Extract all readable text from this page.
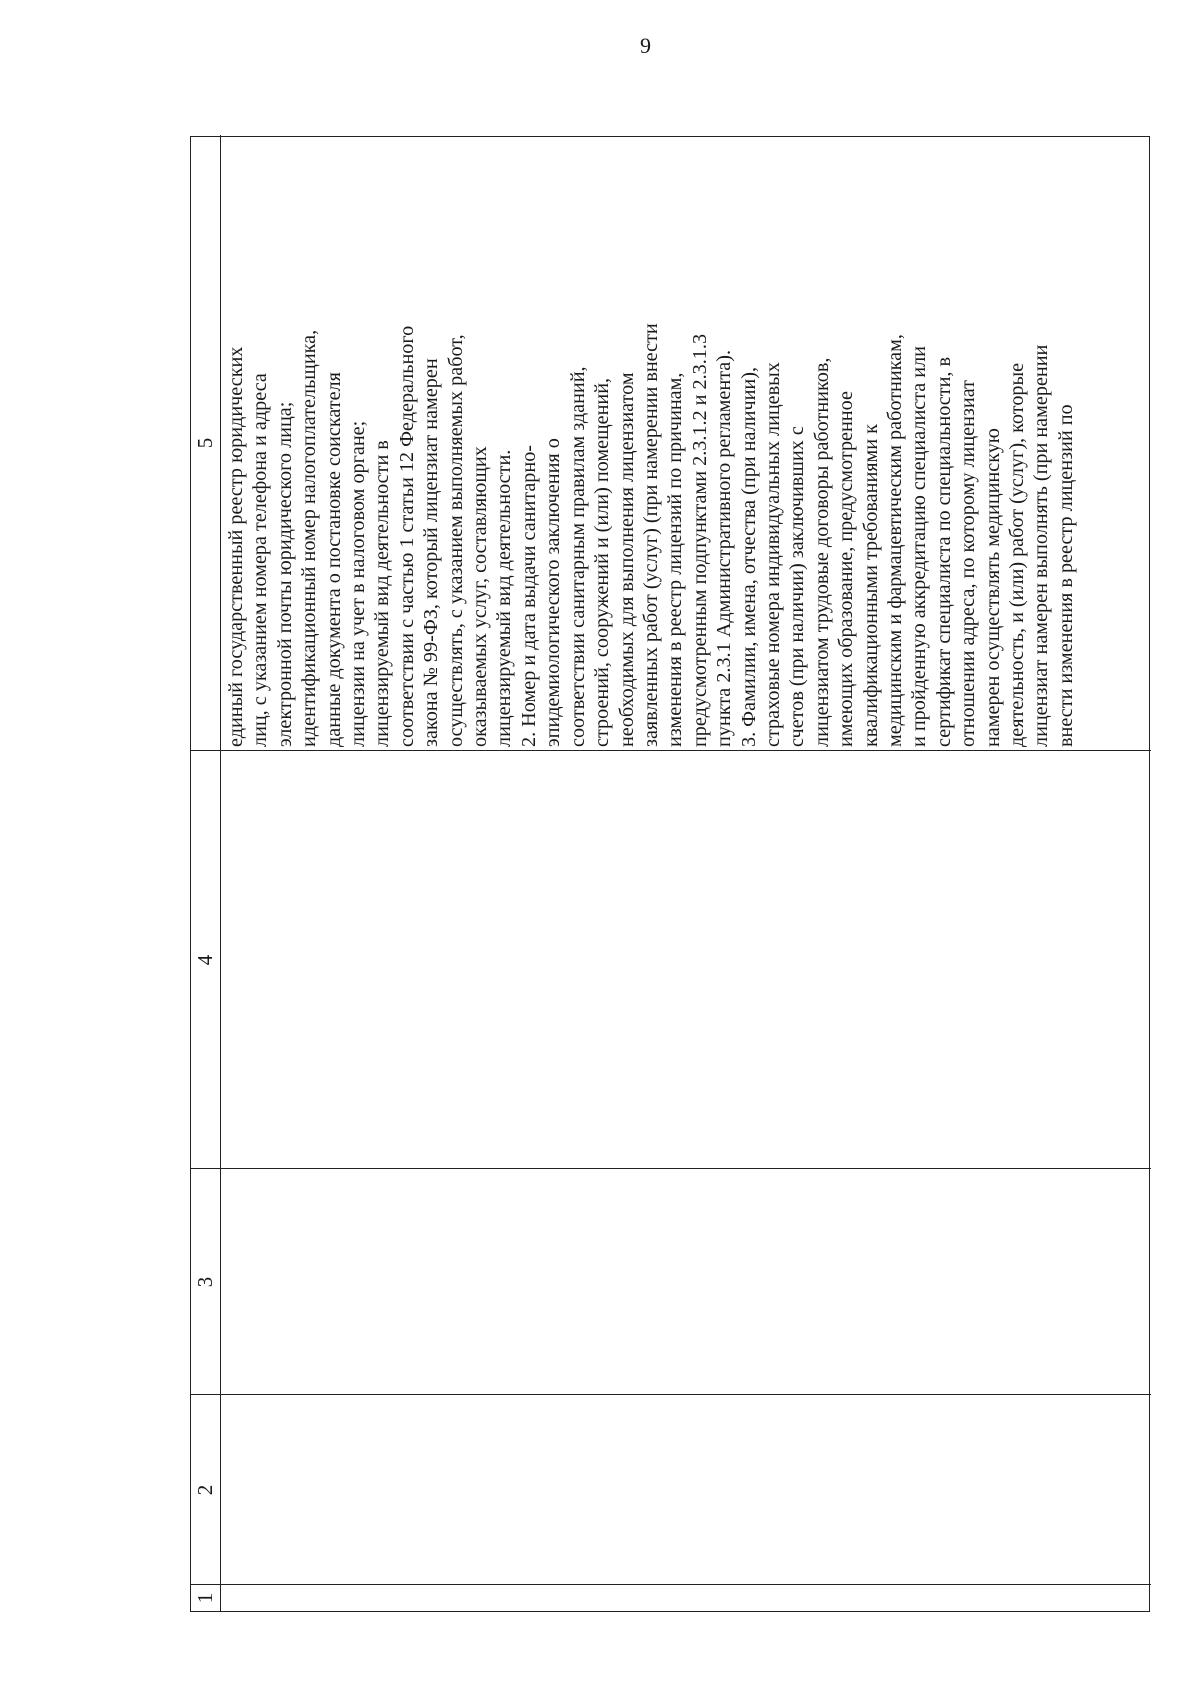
9
1
2
3
4
5 единый государственный реестр юридических лиц, с указанием номера телефона и адреса электронной почты юридического лица; идентификационный номер налогоплательщика, данные документа о постановке соискателя лицензии на учет в налоговом органе; лицензируемый вид деятельности в соответствии с частью 1 статьи 12 Федерального закона № 99-ФЗ, который лицензиат намерен осуществлять, с указанием выполняемых работ, оказываемых услуг, составляющих лицензируемый вид деятельности. 2. Номер и дата выдачи санитарно- эпидемиологического заключения о соответствии санитарным правилам зданий, строений, сооружений и (или) помещений, необходимых для выполнения лицензиатом заявленных работ (услуг) (при намерении внести изменения в реестр лицензий по причинам, предусмотренным подпунктами 2.3.1.2 и 2.3.1.3 пункта 2.3.1 Административного регламента). 3. Фамилии, имена, отчества (при наличии), страховые номера индивидуальных лицевых счетов (при наличии) заключивших с лицензиатом трудовые договоры работников, имеющих образование, предусмотренное квалификационными требованиями к медицинским и фармацевтическим работникам, и пройденную аккредитацию специалиста или сертификат специалиста по специальности, в отношении адреса, по которому лицензиат намерен осуществлять медицинскую деятельность, и (или) работ (услуг), которые лицензиат намерен выполнять (при намерении внести изменения в реестр лицензий по
